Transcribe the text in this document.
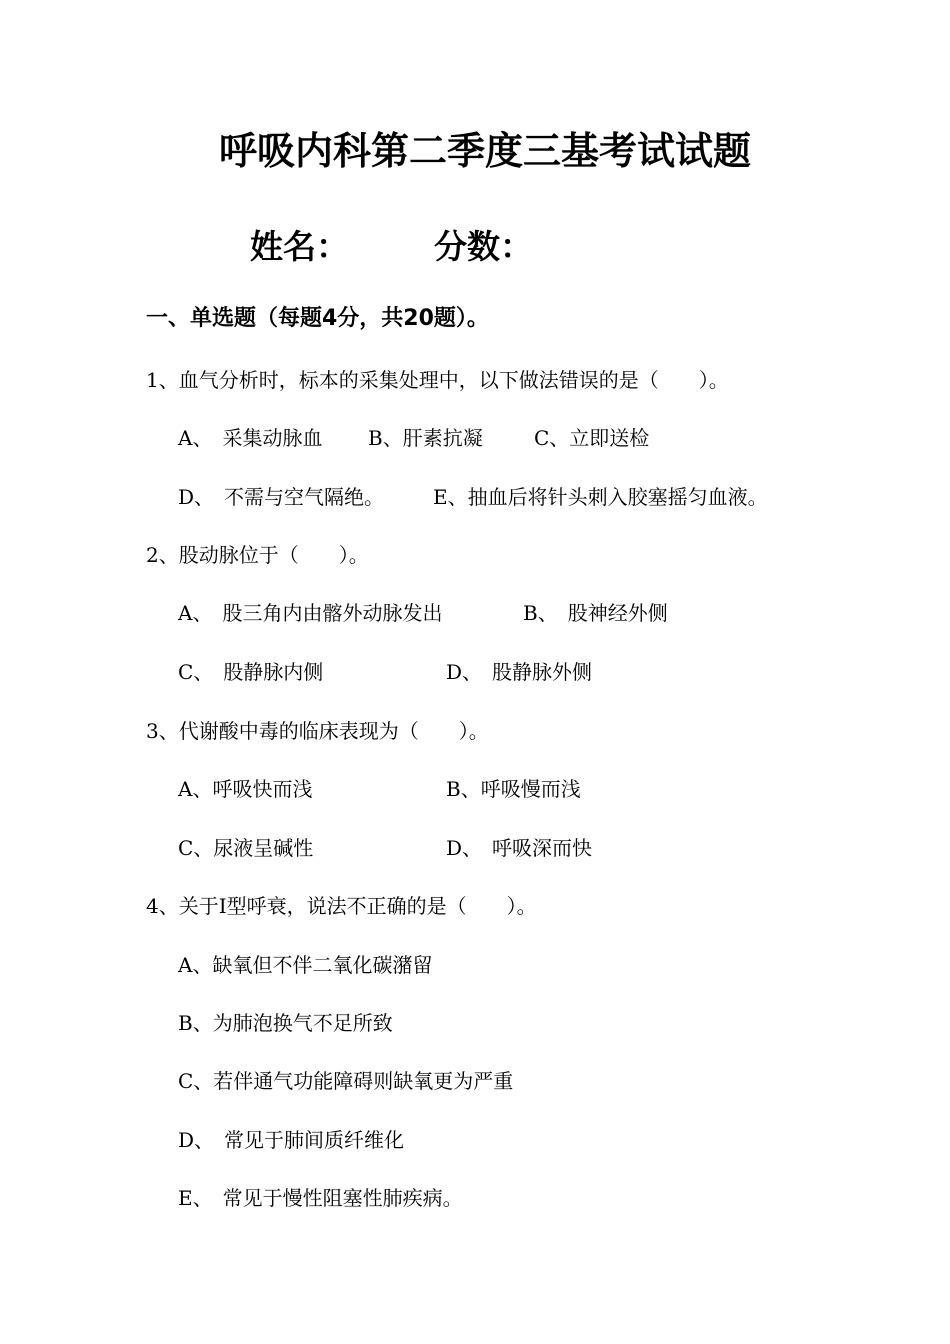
呼吸内科第二季度三基考试试题
姓名：	分数：
一、单选题（每题4分，共20题）。
1、血气分析时，标本的采集处理中，以下做法错误的是（　　）。
A、　采集动脉血 B、肝素抗凝	C、立即送检
D、　不需与空气隔绝。 E、抽血后将针头刺入胶塞摇匀血液。
2、股动脉位于（　　）。
A、　股三角内由髂外动脉发出	B、　股神经外侧
C、　股静脉内侧	D、　股静脉外侧
3、代谢酸中毒的临床表现为（　　）。
A、呼吸快而浅	B、呼吸慢而浅
C、尿液呈碱性	D、　呼吸深而快
4、关于Ⅰ型呼衰，说法不正确的是（　　）。
A、缺氧但不伴二氧化碳潴留
B、为肺泡换气不足所致
C、若伴通气功能障碍则缺氧更为严重
D、　常见于肺间质纤维化
E、　常见于慢性阻塞性肺疾病。
